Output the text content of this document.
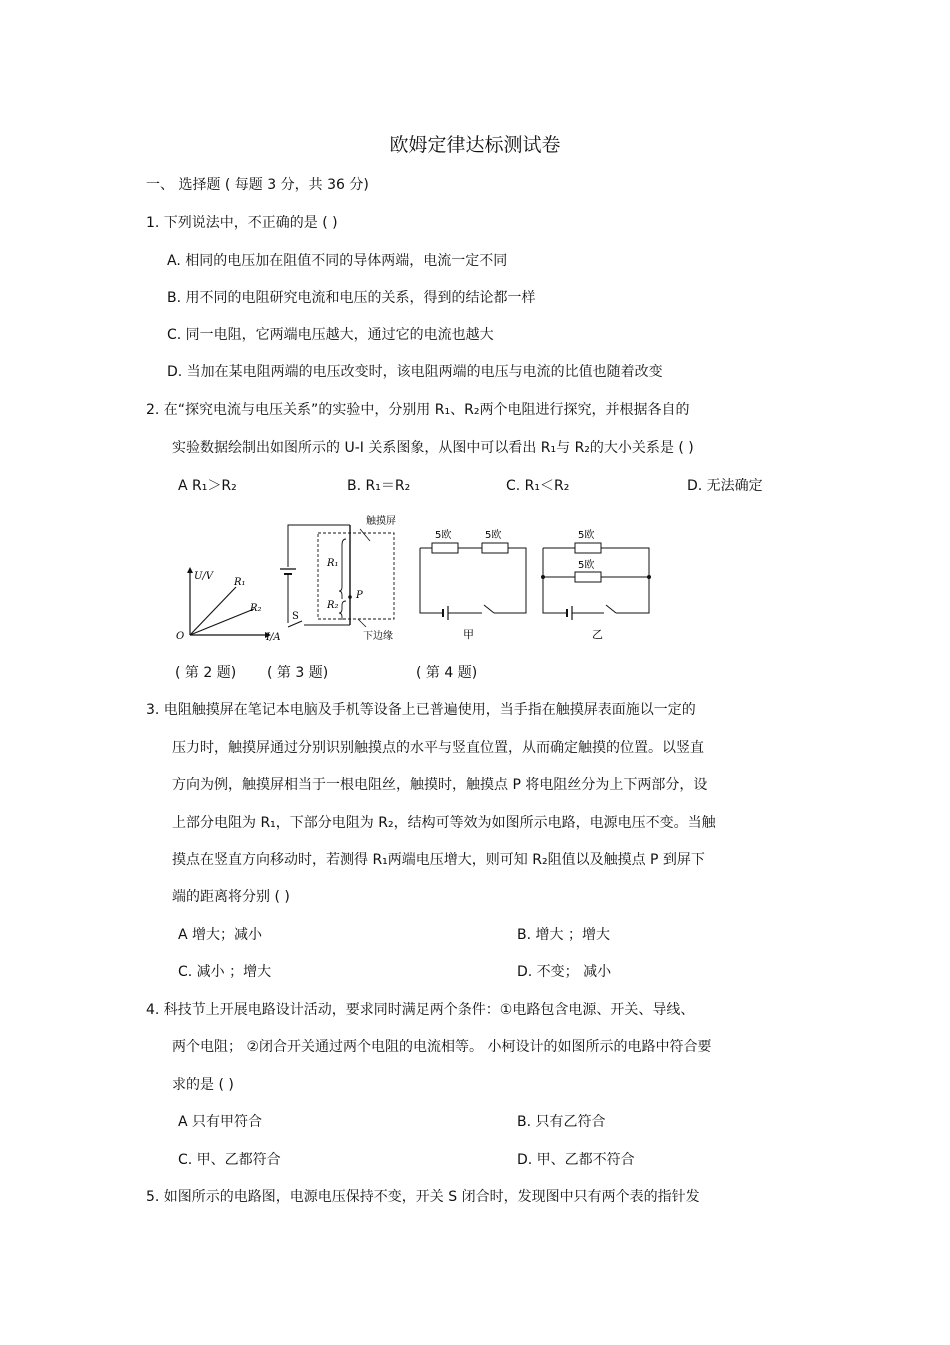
欧姆定律达标测试卷
一、 选择题 ( 每题 3 分，共 36 分)
1. 下列说法中，不正确的是 ( )
A. 相同的电压加在阻值不同的导体两端，电流一定不同
B. 用不同的电阻研究电流和电压的关系，得到的结论都一样
C. 同一电阻，它两端电压越大，通过它的电流也越大
D. 当加在某电阻两端的电压改变时，该电阻两端的电压与电流的比值也随着改变
2. 在“探究电流与电压关系”的实验中，分别用 R₁、R₂两个电阻进行探究，并根据各自的
实验数据绘制出如图所示的 U-I 关系图象，从图中可以看出 R₁与 R₂的大小关系是 ( )
A R₁＞R₂	B. R₁＝R₂	C. R₁＜R₂	D. 无法确定
U/V
I/A
O
R₁
R₂
触摸屏
R₁
R₂
P
S
下边缘
5欧	5欧
甲
5欧
5欧
乙
( 第 2 题) ( 第 3 题)	( 第 4 题)
3. 电阻触摸屏在笔记本电脑及手机等设备上已普遍使用，当手指在触摸屏表面施以一定的
压力时，触摸屏通过分别识别触摸点的水平与竖直位置，从而确定触摸的位置。以竖直
方向为例，触摸屏相当于一根电阻丝，触摸时，触摸点 P 将电阻丝分为上下两部分，设
上部分电阻为 R₁，下部分电阻为 R₂，结构可等效为如图所示电路，电源电压不变。当触
摸点在竖直方向移动时，若测得 R₁两端电压增大，则可知 R₂阻值以及触摸点 P 到屏下
端的距离将分别 ( )
A 增大；减小	B. 增大 ；增大
C. 减小 ；增大	D. 不变； 减小
4. 科技节上开展电路设计活动，要求同时满足两个条件：①电路包含电源、开关、导线、
两个电阻； ②闭合开关通过两个电阻的电流相等。 小柯设计的如图所示的电路中符合要
求的是 ( )
A 只有甲符合	B. 只有乙符合
C. 甲、乙都符合	D. 甲、乙都不符合
5. 如图所示的电路图，电源电压保持不变，开关 S 闭合时，发现图中只有两个表的指针发
